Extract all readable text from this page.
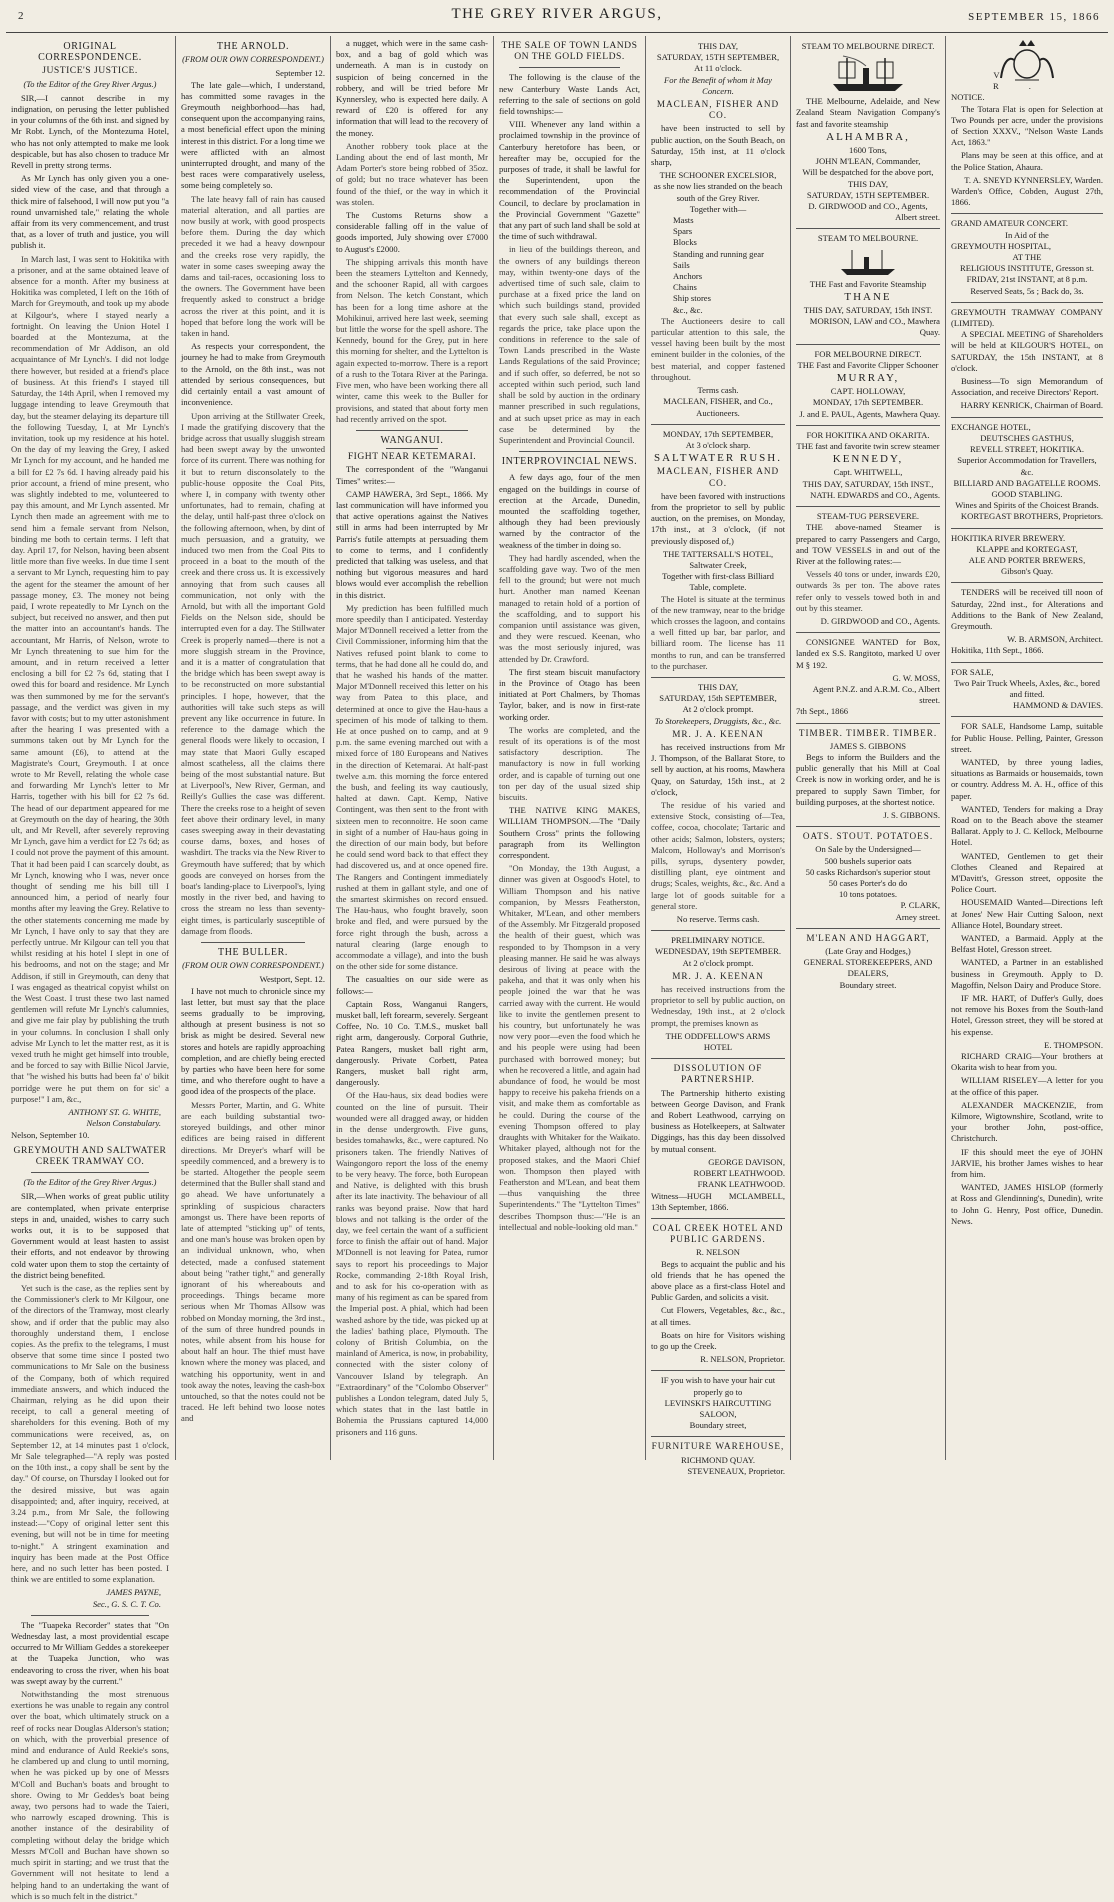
2	THE GREY RIVER ARGUS,	SEPTEMBER 15, 1866
ORIGINAL CORRESPONDENCE.
JUSTICE'S JUSTICE.
(To the Editor of the Grey River Argus.)

SIR,—I cannot describe in my indignation, on perusing the letter published in your columns of the 6th inst. and signed by Mr Robt. Lynch, of the Montezuma Hotel, who has not only attempted to make me look despicable, but has also chosen to traduce Mr Revell in pretty strong terms.

As Mr Lynch has only given you a one-sided view of the case, and that through a thick mire of falsehood, I will now put you "a round unvarnished tale," relating the whole affair from its very commencement, and trust that, as a lover of truth and justice, you will publish it.

In March last, I was sent to Hokitika with a prisoner, and at the same obtained leave of absence for a month. After my business at Hokitika was completed, I left on the 16th of March for Greymouth, and took up my abode at Kilgour's, where I stayed nearly a fortnight. On leaving the Union Hotel I boarded at the Montezuma, at the recommendation of Mr Addison, an old acquaintance of Mr Lynch's. I did not lodge there however, but resided at a friend's place of business. At this friend's I stayed till Saturday, the 14th April, when I removed my luggage intending to leave Greymouth that day, but the steamer delaying its departure till the following Tuesday, I, at Mr Lynch's invitation, took up my residence at his hotel. On the day of my leaving the Grey, I asked Mr Lynch for my account, and he handed me a bill for £2 7s 6d. I having already paid his prior account, a friend of mine present, who was slightly indebted to me, volunteered to pay this amount, and Mr Lynch assented. Mr Lynch then made an agreement with me to send him a female servant from Nelson, binding me both to certain terms. I left that day. April 17, for Nelson, having been absent little more than five weeks. In due time I sent a servant to Mr Lynch, requesting him to pay the agent for the steamer the amount of her passage money, £3. The money not being paid, I wrote repeatedly to Mr Lynch on the subject, but received no answer, and then put the matter into an accountant's hands. The accountant, Mr Harris, of Nelson, wrote to Mr Lynch threatening to sue him for the amount, and in return received a letter enclosing a bill for £2 7s 6d, stating that I owed this for board and residence. Mr Lynch was then summoned by me for the servant's passage, and the verdict was given in my favor with costs; but to my utter astonishment after the hearing I was presented with a summons taken out by Mr Lynch for the same amount (£6), to attend at the Magistrate's Court, Greymouth. I at once wrote to Mr Revell, relating the whole case and forwarding Mr Lynch's letter to Mr Harris, together with his bill for £2 7s 6d. The head of our department appeared for me at Greymouth on the day of hearing, the 30th ult, and Mr Revell, after severely reproving Mr Lynch, gave him a verdict for £2 7s 6d; as I could not prove the payment of this amount. That it had been paid I can scarcely doubt, as Mr Lynch, knowing who I was, never once thought of sending me his bill till I announced him, a period of nearly four months after my leaving the Grey. Relative to the other statements concerning me made by Mr Lynch, I have only to say that they are perfectly untrue. Mr Kilgour can tell you that whilst residing at his hotel I slept in one of his bedrooms, and not on the stage; and Mr Addison, if still in Greymouth, can deny that I was engaged as theatrical copyist whilst on the West Coast. I trust these two last named gentlemen will refute Mr Lynch's calumnies, and give me fair play by publishing the truth in your columns. In conclusion I shall only advise Mr Lynch to let the matter rest, as it is vexed truth he might get himself into trouble, and be forced to say with Billie Nicol Jarvie, that "he wished his butts had been fa' o' bikit porridge were he put them on for sic' a purpose!" I am, &c.,

ANTHONY ST. G. WHITE,
Nelson Constabulary.
Nelson, September 10.
GREYMOUTH AND SALTWATER CREEK TRAMWAY CO.
(To the Editor of the Grey River Argus.)

SIR,—When works of great public utility are contemplated, when private enterprise steps in and, unaided, wishes to carry such works out, it is to be supposed that Government would at least hasten to assist their efforts, and not endeavor by throwing cold water upon them to stop the certainty of the district being benefited.

Yet such is the case, as the replies sent by the Commissioner's clerk to Mr Kilgour, one of the directors of the Tramway, most clearly show, and if order that the public may also thoroughly understand them, I enclose copies. As the prefix to the telegrams, I must observe that some time since I posted two communications to Mr Sale on the business of the Company, both of which required immediate answers, and which induced the Chairman, relying as he did upon their receipt, to call a general meeting of shareholders for this evening. Both of my communications were received, as, on September 12, at 14 minutes past 1 o'clock, Mr Sale telegraphed—"A reply was posted on the 10th inst., a copy shall be sent by the day." Of course, on Thursday I looked out for the desired missive, but was again disappointed; and, after inquiry, received, at 3.24 p.m., from Mr Sale, the following instead:—"Copy of original letter sent this evening, but will not be in time for meeting to-night." A stringent examination and inquiry has been made at the Post Office here, and no such letter has been posted. I think we are entitled to some explanation.

JAMES PAYNE,
Sec., G. S. C. T. Co.

The "Tuapeka Recorder" states that "On Wednesday last, a most providential escape occurred to Mr William Geddes a storekeeper at the Tuapeka Junction, who was endeavoring to cross the river, when his boat was swept away by the current."

Notwithstanding the most strenuous exertions he was unable to regain any control over the boat, which ultimately struck on a reef of rocks near Douglas Alderson's station; on which, with the proverbial presence of mind and endurance of Auld Reekie's sons, he clambered up and clung to until morning, when he was picked up by one of Messrs M'Coll and Buchan's boats and brought to shore. Owing to Mr Geddes's boat being away, two persons had to wade the Taieri, who narrowly escaped drowning. This is another instance of the desirability of completing without delay the bridge which Messrs M'Coll and Buchan have shown so much spirit in starting; and we trust that the Government will not hesitate to lend a helping hand to an undertaking the want of which is so much felt in the district."

THE ARNOLD.
(FROM OUR OWN CORRESPONDENT.)
September 12.

The late gale—which, I understand, has committed some ravages in the Greymouth neighborhood—has had, consequent upon the accompanying rains, a most beneficial effect upon the mining interest in this district. For a long time we were afflicted with an almost uninterrupted drought, and many of the best races were comparatively useless, some being completely so.

The late heavy fall of rain has caused material alteration, and all parties are now busily at work, with good prospects before them. During the day which preceded it we had a heavy downpour and the creeks rose very rapidly, the water in some cases sweeping away the dams and tail-races, occasioning loss to the owners. The Government have been frequently asked to construct a bridge across the river at this point, and it is hoped that before long the work will be taken in hand.

As respects your correspondent, the journey he had to make from Greymouth to the Arnold, on the 8th inst., was not attended by serious consequences, but did certainly entail a vast amount of inconvenience.

Upon arriving at the Stillwater Creek, I made the gratifying discovery that the bridge across that usually sluggish stream had been swept away by the unwonted force of its current. There was nothing for it but to return disconsolately to the public-house opposite the Coal Pits, where I, in company with twenty other unfortunates, had to remain, chafing at the delay, until half-past three o'clock on the following afternoon, when, by dint of much persuasion, and a gratuity, we induced two men from the Coal Pits to proceed in a boat to the mouth of the creek and there cross us. It is excessively annoying that from such causes all communication, not only with the Arnold, but with all the important Gold Fields on the Nelson side, should be interrupted even for a day. The Stillwater Creek is properly named—there is not a more sluggish stream in the Province, and it is a matter of congratulation that the bridge which has been swept away is to be reconstructed on more substantial principles. I hope, however, that the authorities will take such steps as will prevent any like occurrence in future. In reference to the damage which the general floods were likely to occasion, I may state that Maori Gully escaped almost scatheless, all the claims there being of the most substantial nature. But at Liverpool's, New River, German, and Reilly's Gullies the case was different. There the creeks rose to a height of seven feet above their ordinary level, in many cases sweeping away in their devastating course dams, boxes, and hoses of washdirt. The tracks via the New River to Greymouth have suffered; that by which goods are conveyed on horses from the boat's landing-place to Liverpool's, lying mostly in the river bed, and having to cross the stream no less than seventy-eight times, is particularly susceptible of damage from floods.

THE BULLER.
(FROM OUR OWN CORRESPONDENT.)
Westport, Sept. 12.

I have not much to chronicle since my last letter, but must say that the place seems gradually to be improving, although at present business is not so brisk as might be desired. Several new stores and hotels are rapidly approaching completion, and are chiefly being erected by parties who have been here for some time, and who therefore ought to have a good idea of the prospects of the place.

Messrs Porter, Martin, and G. White are each building substantial two-storeyed buildings, and other minor edifices are being raised in different directions. Mr Dreyer's wharf will be speedily commenced, and a brewery is to be started. Altogether the people seem determined that the Buller shall stand and go ahead. We have unfortunately a sprinkling of suspicious characters amongst us. There have been reports of late of attempted "sticking up" of tents, and one man's house was broken open by an individual unknown, who, when detected, made a confused statement about being "rather tight," and generally ignorant of his whereabouts and proceedings. Things became more serious when Mr Thomas Allsow was robbed on Monday morning, the 3rd inst., of the sum of three hundred pounds in notes, while absent from his house for about half an hour. The thief must have known where the money was placed, and watching his opportunity, went in and took away the notes, leaving the cash-box untouched, so that the notes could not be traced. He left behind two loose notes and

a nugget, which were in the same cash-box, and a bag of gold which was underneath. A man is in custody on suspicion of being concerned in the robbery, and will be tried before Mr Kynnersley, who is expected here daily. A reward of £20 is offered for any information that will lead to the recovery of the money.

Another robbery took place at the Landing about the end of last month, Mr Adam Porter's store being robbed of 35oz. of gold; but no trace whatever has been found of the thief, or the way in which it was stolen.

The Customs Returns show a considerable falling off in the value of goods imported, July showing over £7000 to August's £2000.

The shipping arrivals this month have been the steamers Lyttelton and Kennedy, and the schooner Rapid, all with cargoes from Nelson. The ketch Constant, which has been for a long time ashore at the Mohikinui, arrived here last week, seeming but little the worse for the spell ashore. The Kennedy, bound for the Grey, put in here this morning for shelter, and the Lyttelton is again expected to-morrow. There is a report of a rush to the Totara River at the Paringa. Five men, who have been working there all winter, came this week to the Buller for provisions, and stated that about forty men had recently arrived on the spot.

WANGANUI.
FIGHT NEAR KETEMARAI.

The correspondent of the "Wanganui Times" writes:—

CAMP HAWERA, 3rd Sept., 1866. My last communication will have informed you that active operations against the Natives still in arms had been interrupted by Mr Parris's futile attempts at persuading them to come to terms, and I confidently predicted that talking was useless, and that nothing but vigorous measures and hard blows would ever accomplish the rebellion in this district.

My prediction has been fulfilled much more speedily than I anticipated. Yesterday Major M'Donnell received a letter from the Civil Commissioner, informing him that the Natives refused point blank to come to terms, that he had done all he could do, and that he washed his hands of the matter. Major M'Donnell received this letter on his way from Patea to this place, and determined at once to give the Hau-haus a specimen of his mode of talking to them. He at once pushed on to camp, and at 9 p.m. the same evening marched out with a mixed force of 180 Europeans and Natives in the direction of Ketemarai. At half-past twelve a.m. this morning the force entered the bush, and feeling its way cautiously, halted at dawn. Capt. Kemp, Native Contingent, was then sent to the front with sixteen men to reconnoitre. He soon came in sight of a number of Hau-haus going in the direction of our main body, but before he could send word back to that effect they had discovered us, and at once opened fire. The Rangers and Contingent immediately rushed at them in gallant style, and one of the smartest skirmishes on record ensued. The Hau-haus, who fought bravely, soon broke and fled, and were pursued by the force right through the bush, across a natural clearing (large enough to accommodate a village), and into the bush on the other side for some distance.

The casualties on our side were as follows:—

Captain Ross, Wanganui Rangers, musket ball, left forearm, severely. Sergeant Coffee, No. 10 Co. T.M.S., musket ball right arm, dangerously. Corporal Guthrie, Patea Rangers, musket ball right arm, dangerously. Private Corbett, Patea Rangers, musket ball right arm, dangerously.

Of the Hau-haus, six dead bodies were counted on the line of pursuit. Their wounded were all dragged away, or hidden in the dense undergrowth. Five guns, besides tomahawks, &c., were captured. No prisoners taken. The friendly Natives of Waingongoro report the loss of the enemy to be very heavy. The force, both European and Native, is delighted with this brush after its late inactivity. The behaviour of all ranks was beyond praise. Now that hard blows and not talking is the order of the day, we feel certain the want of a sufficient force to finish the affair out of hand. Major M'Donnell is not leaving for Patea, rumor says to report his proceedings to Major Rocke, commanding 2-18th Royal Irish, and to ask for his co-operation with as many of his regiment as can be spared from the Imperial post. A phial, which had been washed ashore by the tide, was picked up at the ladies' bathing place, Plymouth. The colony of British Columbia, on the mainland of America, is now, in probability, connected with the sister colony of Vancouver Island by telegraph. An "Extraordinary" of the "Colombo Observer" publishes a London telegram, dated July 5, which states that in the last battle in Bohemia the Prussians captured 14,000 prisoners and 116 guns.

THE SALE OF TOWN LANDS ON THE GOLD FIELDS.

The following is the clause of the new Canterbury Waste Lands Act, referring to the sale of sections on gold field townships:—

VIII. Whenever any land within a proclaimed township in the province of Canterbury heretofore has been, or hereafter may be, occupied for the purposes of trade, it shall be lawful for the Superintendent, upon the recommendation of the Provincial Council, to declare by proclamation in the Provincial Government "Gazette" that any part of such land shall be sold at the time of such withdrawal.

in lieu of the buildings thereon, and the owners of any buildings thereon may, within twenty-one days of the advertised time of such sale, claim to purchase at a fixed price the land on which such buildings stand, provided that every such sale shall, except as regards the price, take place upon the conditions in reference to the sale of Town Lands prescribed in the Waste Lands Regulations of the said Province; and if such offer, so deferred, be not so accepted within such period, such land shall be sold by auction in the ordinary manner prescribed in such regulations, and at such upset price as may in each case be determined by the Superintendent and Provincial Council.

INTERPROVINCIAL NEWS.

A few days ago, four of the men engaged on the buildings in course of erection at the Arcade, Dunedin, mounted the scaffolding together, although they had been previously warned by the contractor of the weakness of the timber in doing so.

They had hardly ascended, when the scaffolding gave way. Two of the men fell to the ground; but were not much hurt. Another man named Keenan managed to retain hold of a portion of the scaffolding, and to support his companion until assistance was given, and they were rescued. Keenan, who was the most seriously injured, was attended by Dr. Crawford.

The first steam biscuit manufactory in the Province of Otago has been initiated at Port Chalmers, by Thomas Taylor, baker, and is now in first-rate working order.

The works are completed, and the result of its operations is of the most satisfactory description. The manufactory is now in full working order, and is capable of turning out one ton per day of the usual sized ship biscuits.

THE NATIVE KING MAKES, WILLIAM THOMPSON.—The "Daily Southern Cross" prints the following paragraph from its Wellington correspondent.

"On Monday, the 13th August, a dinner was given at Osgood's Hotel, to William Thompson and his native companion, by Messrs Featherston, Whitaker, M'Lean, and other members of the Assembly. Mr Fitzgerald proposed the health of their guest, which was responded to by Thompson in a very pleasing manner. He said he was always desirous of living at peace with the pakeha, and that it was only when his people joined the war that he was carried away with the current. He would like to invite the gentlemen present to his country, but unfortunately he was now very poor—even the food which he and his people were using had been purchased with borrowed money; but when he recovered a little, and again had abundance of food, he would be most happy to receive his pakeha friends on a visit, and make them as comfortable as he could. During the course of the evening Thompson offered to play draughts with Whitaker for the Waikato. Whitaker played, although not for the proposed stakes, and the Maori Chief won. Thompson then played with Featherston and M'Lean, and beat them—thus vanquishing the three Superintendents." The "Lyttelton Times" describes Thompson thus:—"He is an intellectual and noble-looking old man."

THIS DAY,
SATURDAY, 15TH SEPTEMBER,
At 11 o'clock.
For the Benefit of whom it May Concern.
MACLEAN, FISHER AND CO.

have been instructed to sell by public auction, on the South Beach, on Saturday, 15th inst, at 11 o'clock sharp,

THE SCHOONER EXCELSIOR,
as she now lies stranded on the beach south of the Grey River.
Together with—
Masts
Spars
Blocks
Standing and running gear
Sails
Anchors
Chains
Ship stores
&c., &c.

The Auctioneers desire to call particular attention to this sale, the vessel having been built by the most eminent builder in the colonies, of the best material, and copper fastened throughout.

Terms cash.
MACLEAN, FISHER, and Co., Auctioneers.
MONDAY, 17th SEPTEMBER,
At 3 o'clock sharp.
SALTWATER RUSH.
MACLEAN, FISHER AND CO.

have been favored with instructions from the proprietor to sell by public auction, on the premises, on Monday, 17th inst., at 3 o'clock, (if not previously disposed of,)

THE TATTERSALL'S HOTEL,
Saltwater Creek,
Together with first-class Billiard Table, complete.

The Hotel is situate at the terminus of the new tramway, near to the bridge which crosses the lagoon, and contains a well fitted up bar, bar parlor, and billiard room. The license has 11 months to run, and can be transferred to the purchaser.

THIS DAY,
SATURDAY, 15th SEPTEMBER,
At 2 o'clock prompt.
To Storekeepers, Druggists, &c., &c.
MR. J. A. KEENAN

has received instructions from Mr J. Thompson, of the Ballarat Store, to sell by auction, at his rooms, Mawhera Quay, on Saturday, 15th inst., at 2 o'clock,

The residue of his varied and extensive Stock, consisting of—Tea, coffee, cocoa, chocolate; Tartaric and other acids; Salmon, lobsters, oysters; Malcom, Holloway's and Morrison's pills, syrups, dysentery powder, distilling plant, eye ointment and drugs; Scales, weights, &c., &c. And a large lot of goods suitable for a general store.

No reserve. Terms cash.
PRELIMINARY NOTICE.
WEDNESDAY, 19th SEPTEMBER.
At 2 o'clock prompt.
MR. J. A. KEENAN

has received instructions from the proprietor to sell by public auction, on Wednesday, 19th inst., at 2 o'clock prompt, the premises known as

THE ODDFELLOW'S ARMS HOTEL
DISSOLUTION OF PARTNERSHIP.

The Partnership hitherto existing between George Davison, and Frank and Robert Leathwood, carrying on business as Hotelkeepers, at Saltwater Diggings, has this day been dissolved by mutual consent.

GEORGE DAVISON,
ROBERT LEATHWOOD.
FRANK LEATHWOOD.
Witness—HUGH MCLAMBELL, 13th September, 1866.
COAL CREEK HOTEL AND PUBLIC GARDENS.
R. NELSON

Begs to acquaint the public and his old friends that he has opened the above place as a first-class Hotel and Public Garden, and solicits a visit.

Cut Flowers, Vegetables, &c., &c., at all times.

Boats on hire for Visitors wishing to go up the Creek.

R. NELSON, Proprietor.
IF you wish to have your hair cut properly go to
LEVINSKI'S HAIRCUTTING SALOON,
Boundary street,
FURNITURE WAREHOUSE,
RICHMOND QUAY.
STEVENEAUX, Proprietor.
STEAM TO MELBOURNE DIRECT.

THE Melbourne, Adelaide, and New Zealand Steam Navigation Company's fast and favorite steamship

ALHAMBRA,
1600 Tons,
JOHN M'LEAN, Commander,
Will be despatched for the above port,
THIS DAY,
SATURDAY, 15TH SEPTEMBER.
D. GIRDWOOD and CO., Agents,
Albert street.
STEAM TO MELBOURNE.
THE Fast and Favorite Steamship
THANE
THIS DAY, SATURDAY, 15th INST.
MORISON, LAW and CO., Mawhera Quay.
FOR MELBOURNE DIRECT.
THE Fast and Favorite Clipper Schooner
MURRAY,
CAPT. HOLLOWAY,
MONDAY, 17th SEPTEMBER.
J. and E. PAUL, Agents, Mawhera Quay.
FOR HOKITIKA AND OKARITA.
THE fast and favorite twin screw steamer
KENNEDY,
Capt. WHITWELL,
THIS DAY, SATURDAY, 15th INST.,
NATH. EDWARDS and CO., Agents.
STEAM-TUG PERSEVERE.

THE above-named Steamer is prepared to carry Passengers and Cargo, and TOW VESSELS in and out of the River at the following rates:—

Vessels 40 tons or under, inwards £20, outwards 3s per ton. The above rates refer only to vessels towed both in and out by this steamer.

D. GIRDWOOD and CO., Agents.

CONSIGNEE WANTED for Box, landed ex S.S. Rangitoto, marked U over M § 192.

G. W. MOSS,
Agent P.N.Z. and A.R.M. Co., Albert street.
7th Sept., 1866
TIMBER. TIMBER. TIMBER.
JAMES S. GIBBONS

Begs to inform the Builders and the public generally that his Mill at Coal Creek is now in working order, and he is prepared to supply Sawn Timber, for building purposes, at the shortest notice.

J. S. GIBBONS.
OATS. STOUT. POTATOES.
On Sale by the Undersigned—
500 bushels superior oats
50 casks Richardson's superior stout
50 cases Porter's do do
10 tons potatoes.
P. CLARK,
Arney street.
M'LEAN AND HAGGART,
(Late Gray and Hodges,)
GENERAL STOREKEEPERS, AND DEALERS,
Boundary street.
V. R.
NOTICE.

The Totara Flat is open for Selection at Two Pounds per acre, under the provisions of Section XXXV., "Nelson Waste Lands Act, 1863."

Plans may be seen at this office, and at the Police Station, Ahaura.

T. A. SNEYD KYNNERSLEY, Warden.
Warden's Office, Cobden, August 27th, 1866.
GRAND AMATEUR CONCERT.
In Aid of the
GREYMOUTH HOSPITAL,
AT THE
RELIGIOUS INSTITUTE, Gresson st.
FRIDAY, 21st INSTANT, at 8 p.m.
Reserved Seats, 5s ; Back do, 3s.
GREYMOUTH TRAMWAY COMPANY (LIMITED).

A SPECIAL MEETING of Shareholders will be held at KILGOUR'S HOTEL, on SATURDAY, the 15th INSTANT, at 8 o'clock.

Business—To sign Memorandum of Association, and receive Directors' Report.

HARRY KENRICK, Chairman of Board.
EXCHANGE HOTEL,
DEUTSCHES GASTHUS,
REVELL STREET, HOKITIKA.
Superior Accommodation for Travellers, &c.
BILLIARD AND BAGATELLE ROOMS.
GOOD STABLING.
Wines and Spirits of the Choicest Brands.
KORTEGAST BROTHERS, Proprietors.
HOKITIKA RIVER BREWERY.
KLAPPE and KORTEGAST,
ALE AND PORTER BREWERS,
Gibson's Quay.

TENDERS will be received till noon of Saturday, 22nd inst., for Alterations and Additions to the Bank of New Zealand, Greymouth.

W. B. ARMSON, Architect.
Hokitika, 11th Sept., 1866.
FOR SALE,
Two Pair Truck Wheels, Axles, &c., bored and fitted.
HAMMOND & DAVIES.

FOR SALE, Handsome Lamp, suitable for Public House. Pelling, Painter, Gresson street.

WANTED, by three young ladies, situations as Barmaids or housemaids, town or country. Address M. A. H., office of this paper.

WANTED, Tenders for making a Dray Road on to the Beach above the steamer Ballarat. Apply to J. C. Kellock, Melbourne Hotel.

WANTED, Gentlemen to get their Clothes Cleaned and Repaired at M'Davitt's, Gresson street, opposite the Police Court.

HOUSEMAID Wanted—Directions left at Jones' New Hair Cutting Saloon, next Alliance Hotel, Boundary street.

WANTED, a Barmaid. Apply at the Belfast Hotel, Gresson street.

WANTED, a Partner in an established business in Greymouth. Apply to D. Magoffin, Nelson Dairy and Produce Store.

IF MR. HART, of Duffer's Gully, does not remove his Boxes from the South-land Hotel, Gresson street, they will be stored at his expense.

E. THOMPSON.

RICHARD CRAIG—Your brothers at Okarita wish to hear from you.

WILLIAM RISELEY—A letter for you at the office of this paper.

ALEXANDER MACKENZIE, from Kilmore, Wigtownshire, Scotland, write to your brother John, post-office, Christchurch.

IF this should meet the eye of JOHN JARVIE, his brother James wishes to hear from him.

WANTED, JAMES HISLOP (formerly at Ross and Glendinning's, Dunedin), write to John G. Henry, Post office, Dunedin. News.
